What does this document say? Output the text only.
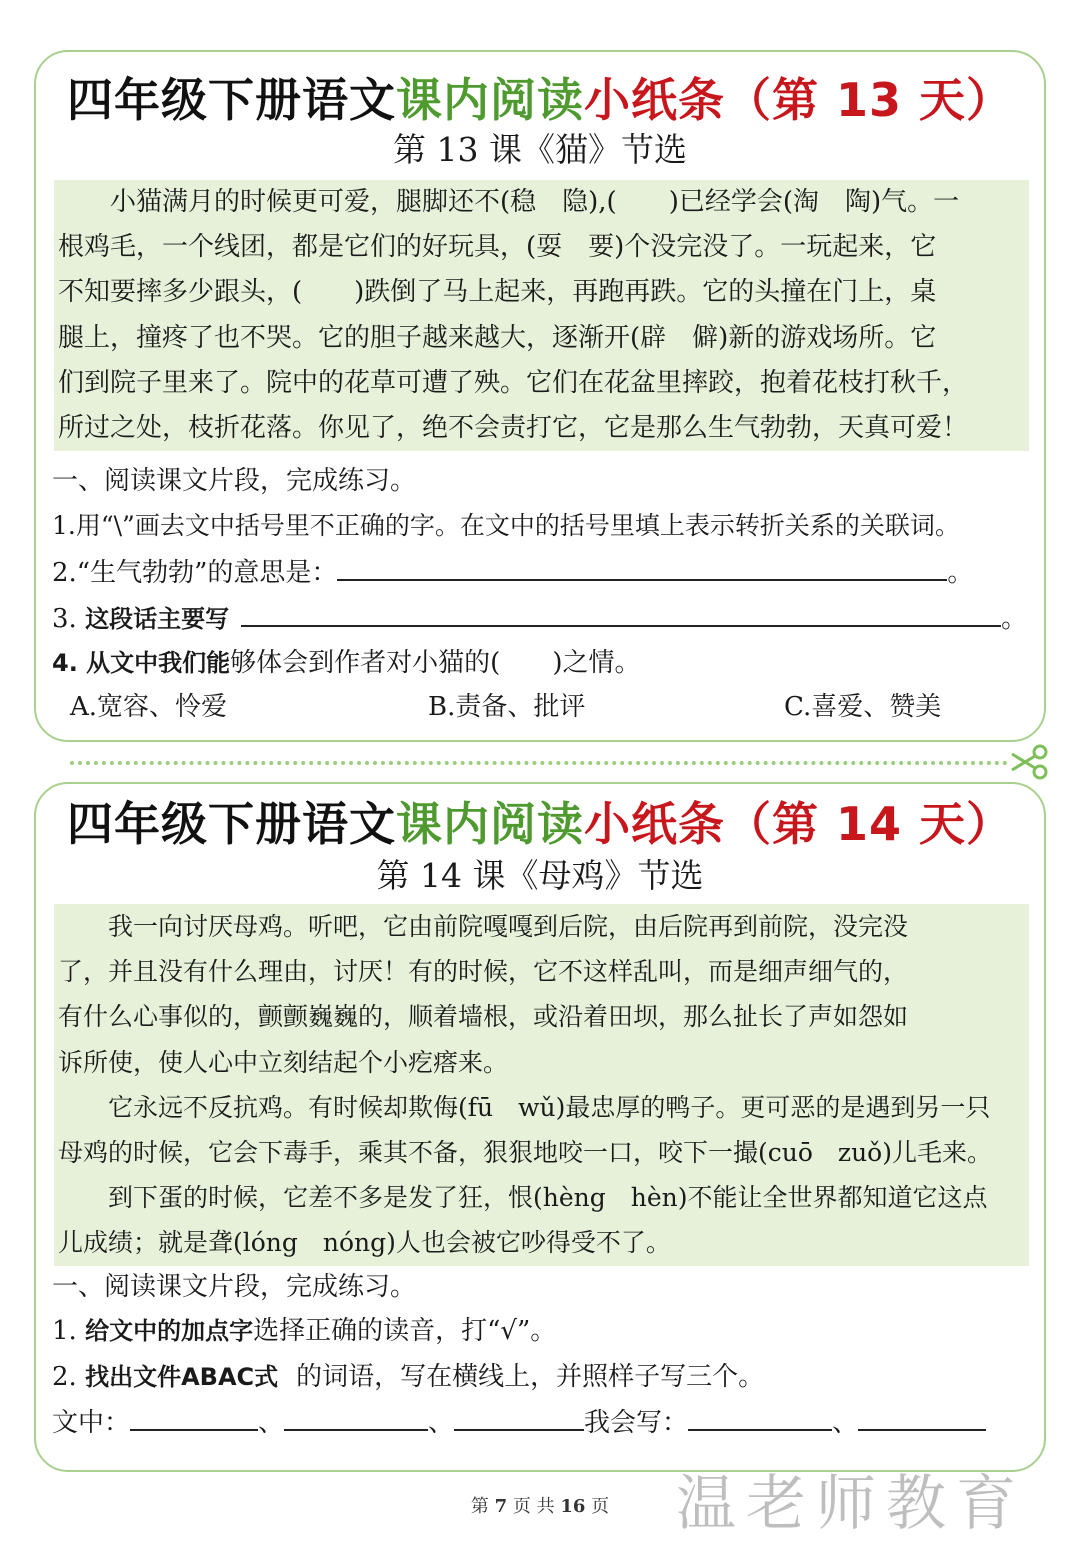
四年级下册语文课内阅读小纸条（第 13 天）
第 13 课《猫》节选
　　小猫满月的时候更可爱，腿脚还不(稳　隐),(　　)已经学会(淘　陶)气。一
根鸡毛，一个线团，都是它们的好玩具，(耍　要)个没完没了。一玩起来，它
不知要摔多少跟头，(　　)跌倒了马上起来，再跑再跌。它的头撞在门上，桌
腿上，撞疼了也不哭。它的胆子越来越大，逐渐开(辟　僻)新的游戏场所。它
们到院子里来了。院中的花草可遭了殃。它们在花盆里摔跤，抱着花枝打秋千，
所过之处，枝折花落。你见了，绝不会责打它，它是那么生气勃勃，天真可爱！
一、阅读课文片段，完成练习。
1.用“\”画去文中括号里不正确的字。在文中的括号里填上表示转折关系的关联词。
2.“生气勃勃”的意思是：	。
3. 这段话主要写	。
4. 从文中我们能够体会到作者对小猫的(　　)之情。
A.宽容、怜爱	B.责备、批评	C.喜爱、赞美
四年级下册语文课内阅读小纸条（第 14 天）
第 14 课《母鸡》节选
　　我一向讨厌母鸡。听吧，它由前院嘎嘎到后院，由后院再到前院，没完没
了，并且没有什么理由，讨厌！有的时候，它不这样乱叫，而是细声细气的，
有什么心事似的，颤颤巍巍的，顺着墙根，或沿着田坝，那么扯长了声如怨如
诉所使，使人心中立刻结起个小疙瘩来。
　　它永远不反抗鸡。有时候却欺侮(fū　wǔ)最忠厚的鸭子。更可恶的是遇到另一只
母鸡的时候，它会下毒手，乘其不备，狠狠地咬一口，咬下一撮(cuō　zuǒ)儿毛来。
　　到下蛋的时候，它差不多是发了狂，恨(hèng　hèn)不能让全世界都知道它这点
儿成绩；就是聋(lóng　nóng)人也会被它吵得受不了。
一、阅读课文片段，完成练习。
1. 给文中的加点字选择正确的读音，打“√”。
2. 找出文件ABAC式 的词语，写在横线上，并照样子写三个。
文中：	、	、	我会写：	、
第 7 页 共 16 页	温老师教育
